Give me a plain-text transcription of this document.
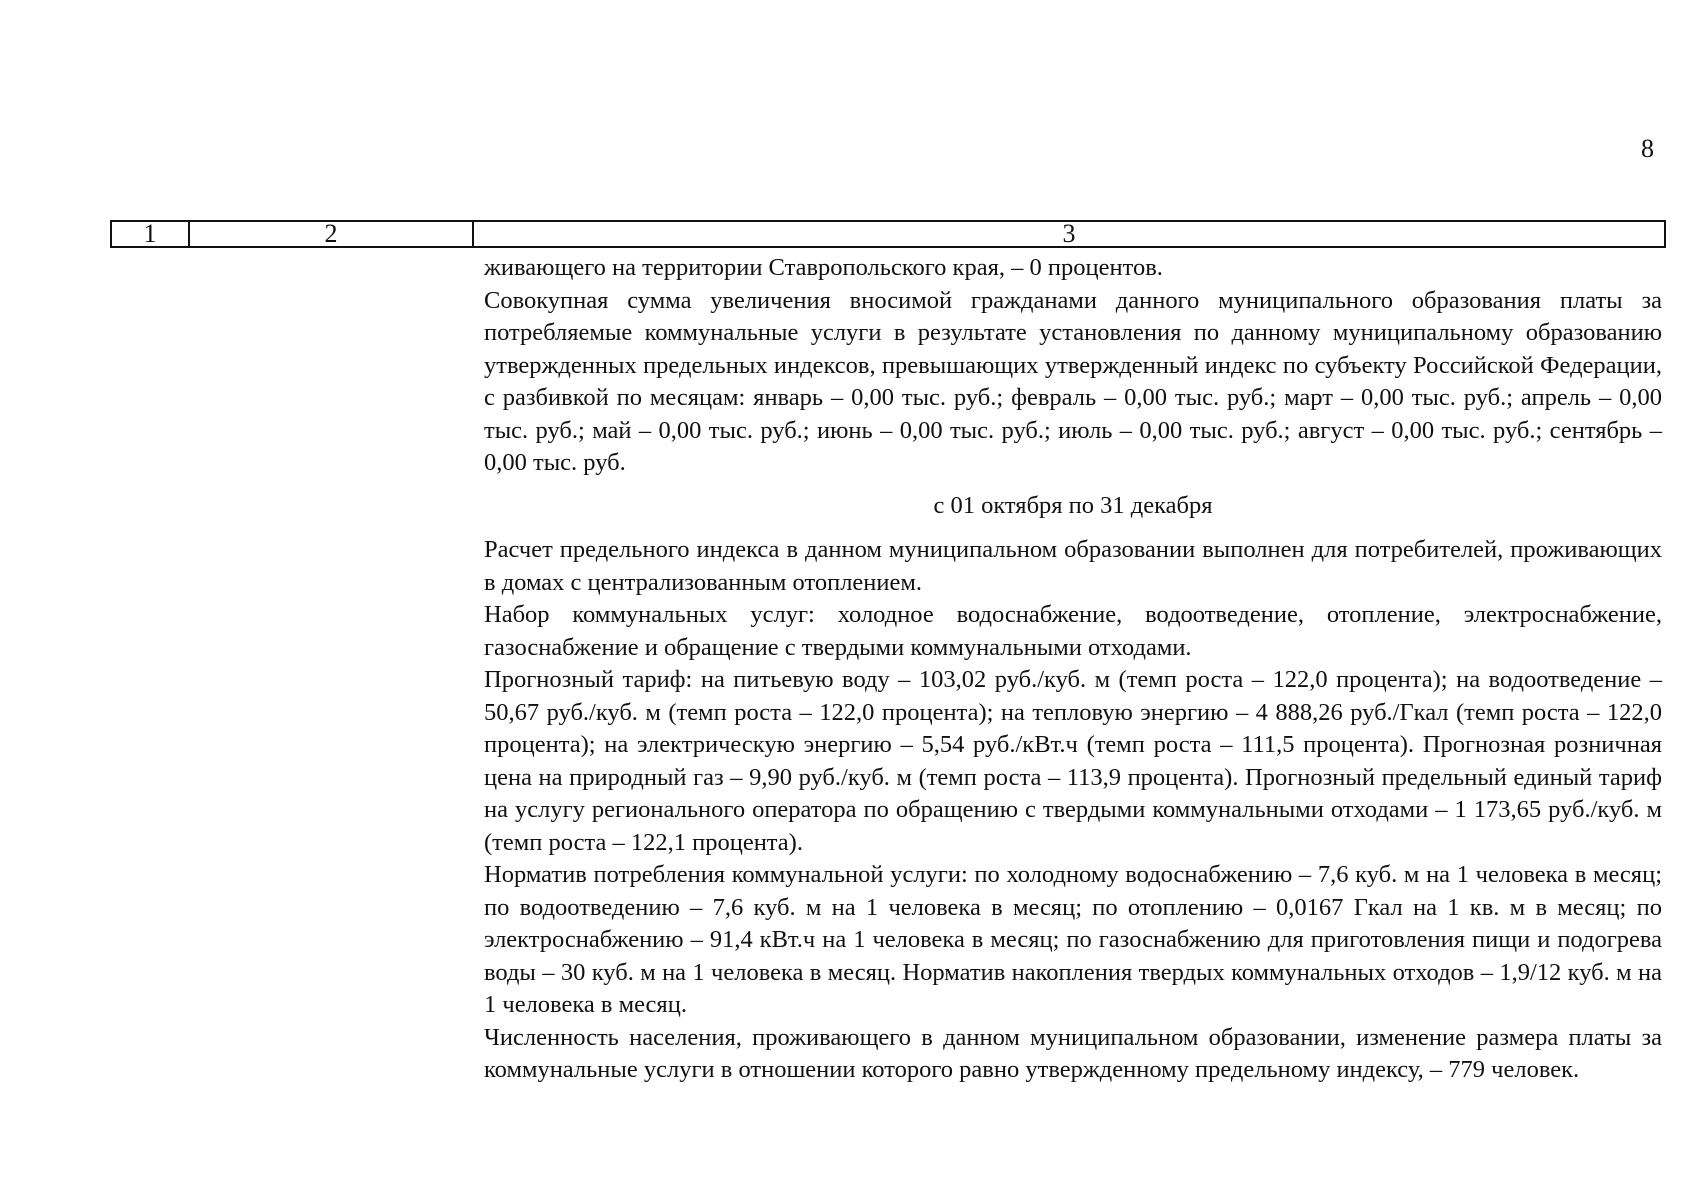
8
1	2	3

живающего на территории Ставропольского края, – 0 процентов.

Совокупная сумма увеличения вносимой гражданами данного муниципального образования платы за потребляемые коммунальные услуги в результате установления по данному муниципальному образованию утвержденных предельных индексов, превышающих утвержденный индекс по субъекту Российской Федерации, с разбивкой по месяцам: январь – 0,00 тыс. руб.; февраль – 0,00 тыс. руб.; март – 0,00 тыс. руб.; апрель – 0,00 тыс. руб.; май – 0,00 тыс. руб.; июнь – 0,00 тыс. руб.; июль – 0,00 тыс. руб.; август – 0,00 тыс. руб.; сентябрь – 0,00 тыс. руб.

с 01 октября по 31 декабря

Расчет предельного индекса в данном муниципальном образовании выполнен для потребителей, проживающих в домах с централизованным отоплением.

Набор коммунальных услуг: холодное водоснабжение, водоотведение, отопление, электроснабжение, газоснабжение и обращение с твердыми коммунальными отходами.

Прогнозный тариф: на питьевую воду – 103,02 руб./куб. м (темп роста – 122,0 процента); на водоотведение – 50,67 руб./куб. м (темп роста – 122,0 процента); на тепловую энергию – 4 888,26 руб./Гкал (темп роста – 122,0 процента); на электрическую энергию – 5,54 руб./кВт.ч (темп роста – 111,5 процента). Прогнозная розничная цена на природный газ – 9,90 руб./куб. м (темп роста – 113,9 процента). Прогнозный предельный единый тариф на услугу регионального оператора по обращению с твердыми коммунальными отходами – 1 173,65 руб./куб. м (темп роста – 122,1 процента).

Норматив потребления коммунальной услуги: по холодному водоснабжению – 7,6 куб. м на 1 человека в месяц; по водоотведению – 7,6 куб. м на 1 человека в месяц; по отоплению – 0,0167 Гкал на 1 кв. м в месяц; по электроснабжению – 91,4 кВт.ч на 1 человека в месяц; по газоснабжению для приготовления пищи и подогрева воды – 30 куб. м на 1 человека в месяц. Норматив накопления твердых коммунальных отходов – 1,9/12 куб. м на 1 человека в месяц.

Численность населения, проживающего в данном муниципальном образовании, изменение размера платы за коммунальные услуги в отношении которого равно утвержденному предельному индексу, – 779 человек.
